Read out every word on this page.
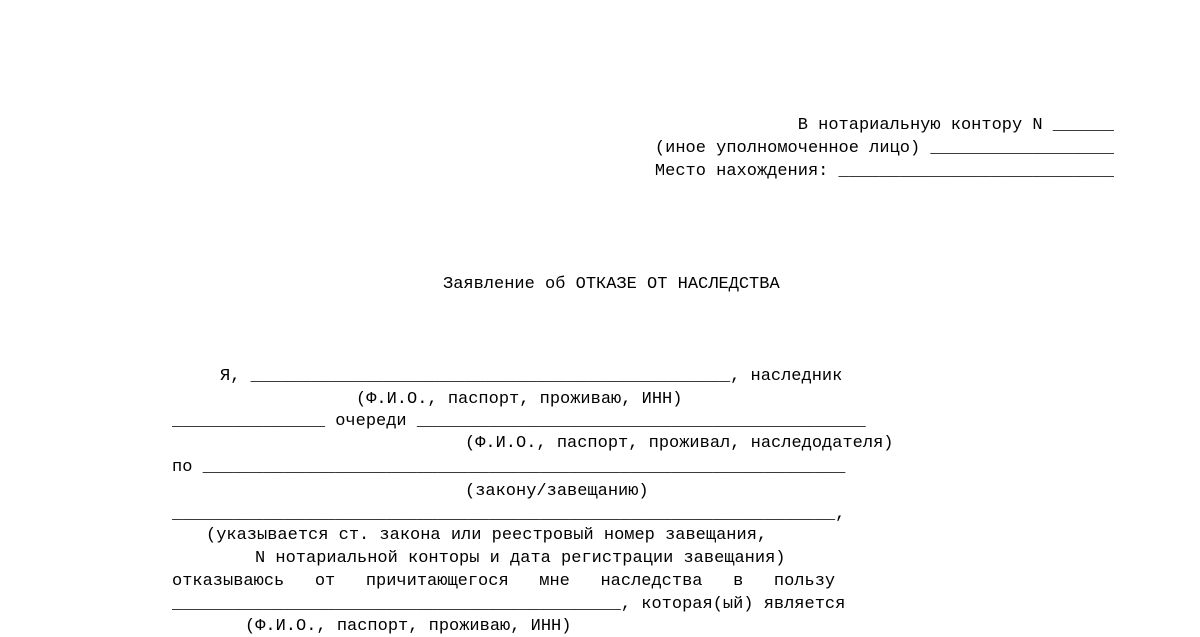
В нотариальную контору N ______
(иное уполномоченное лицо) __________________
Место нахождения: ___________________________
Заявление об ОТКАЗЕ ОТ НАСЛЕДСТВА
Я, _______________________________________________, наследник
(Ф.И.О., паспорт, проживаю, ИНН)
_______________ очереди ____________________________________________
(Ф.И.О., паспорт, проживал, наследодателя)
по _______________________________________________________________
(закону/завещанию)
_________________________________________________________________,
(указывается ст. закона или реестровый номер завещания,
N нотариальной конторы и дата регистрации завещания)
отказываюсь   от   причитающегося   мне   наследства   в   пользу
____________________________________________, которая(ый) является
(Ф.И.О., паспорт, проживаю, ИНН)
